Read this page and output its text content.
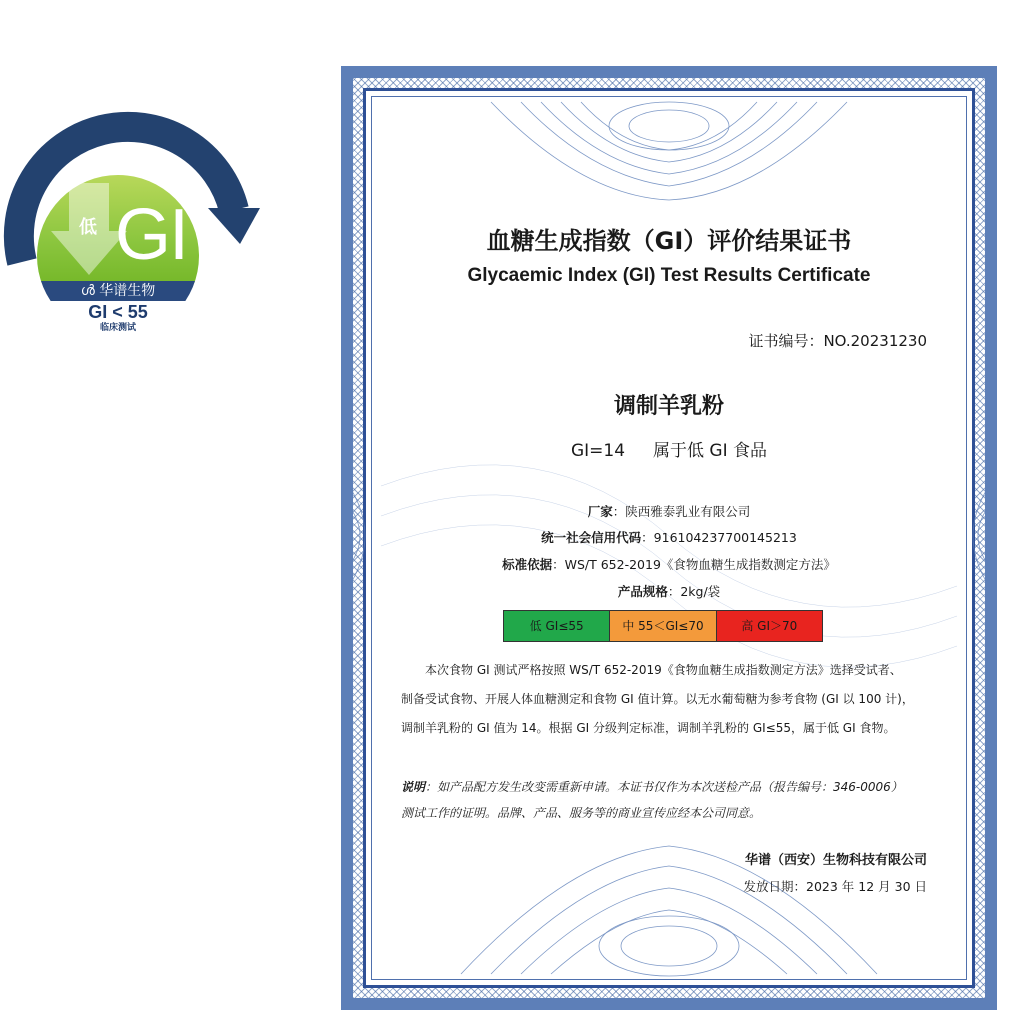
低 GI
ൾ 华谱生物
GI < 55
临床测试
血糖生成指数（GI）评价结果证书
Glycaemic Index (GI) Test Results Certificate
证书编号：NO.20231230
调制羊乳粉
GI=14 属于低 GI 食品
厂家：陕西雅泰乳业有限公司
统一社会信用代码：916104237700145213
标准依据：WS/T 652-2019《食物血糖生成指数测定方法》
产品规格：2kg/袋
低 GI≤55	中 55＜GI≤70	高 GI＞70
本次食物 GI 测试严格按照 WS/T 652-2019《食物血糖生成指数测定方法》选择受试者、
制备受试食物、开展人体血糖测定和食物 GI 值计算。以无水葡萄糖为参考食物 (GI 以 100 计)，
调制羊乳粉的 GI 值为 14。根据 GI 分级判定标准，调制羊乳粉的 GI≤55，属于低 GI 食物。
说明：如产品配方发生改变需重新申请。本证书仅作为本次送检产品（报告编号：346-0006）
测试工作的证明。品牌、产品、服务等的商业宣传应经本公司同意。
华谱（西安）生物科技有限公司
发放日期：2023 年 12 月 30 日
